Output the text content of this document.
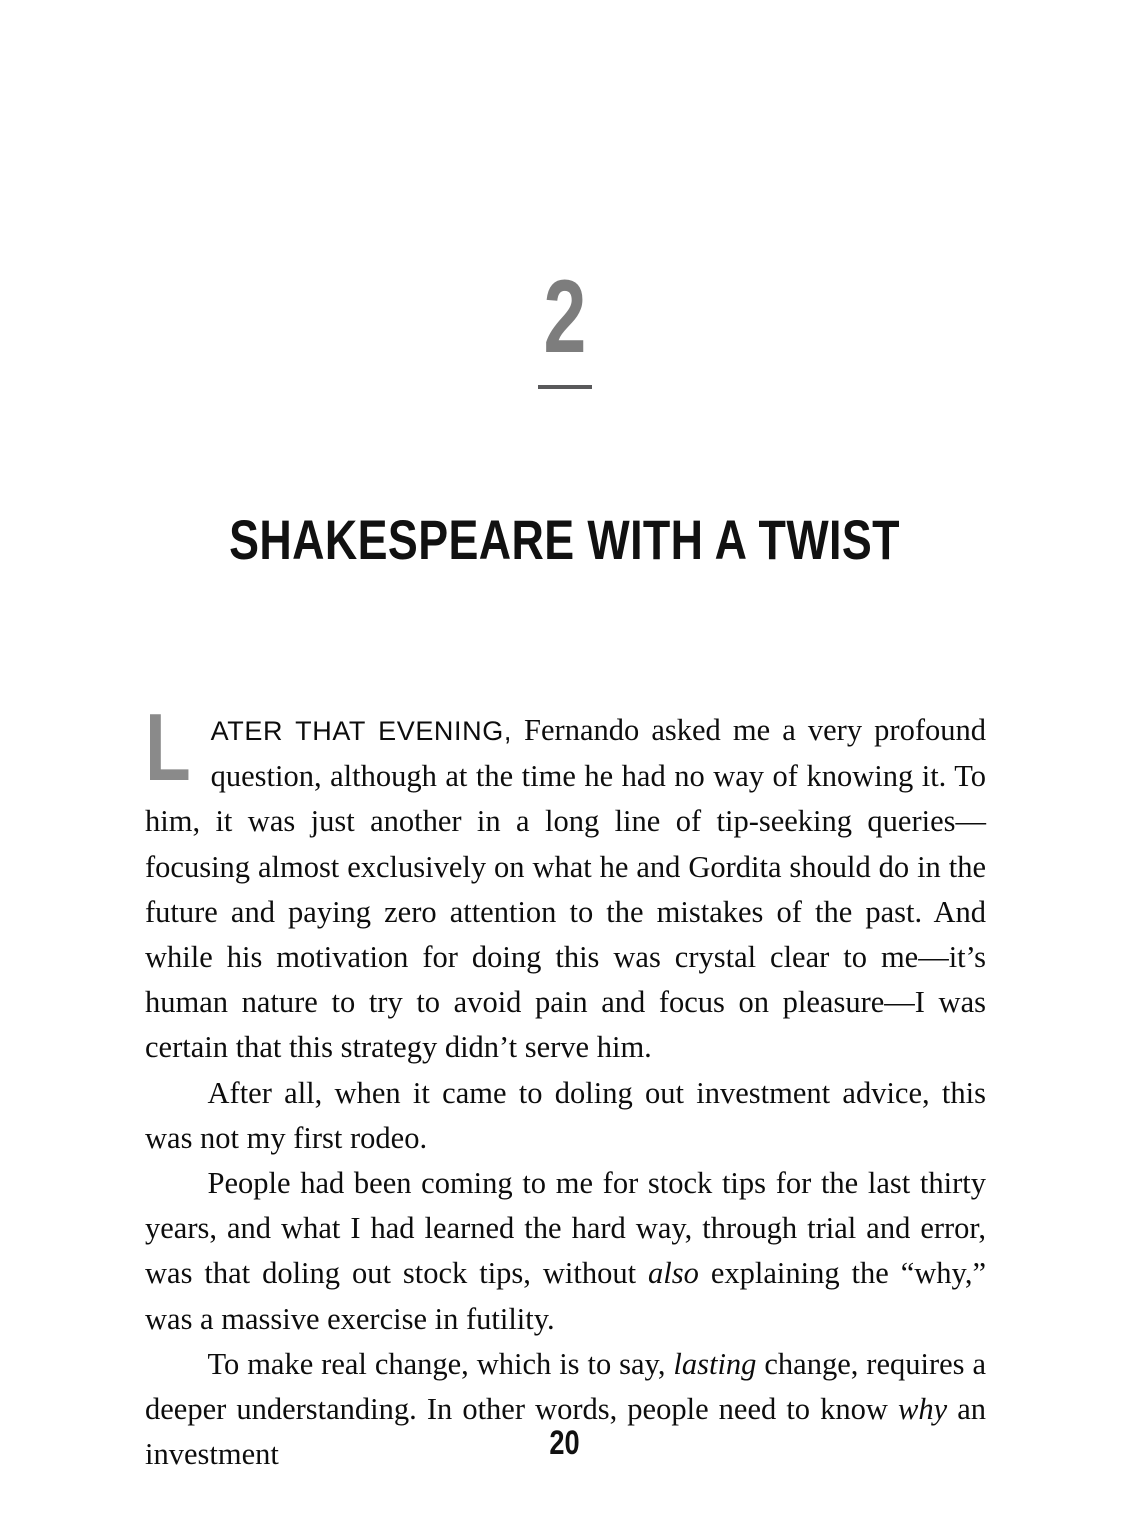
2
SHAKESPEARE WITH A TWIST

LATER THAT EVENING, Fernando asked me a very profound question, although at the time he had no way of knowing it. To him, it was just another in a long line of tip-seeking queries—focusing almost exclusively on what he and Gordita should do in the future and paying zero attention to the mistakes of the past. And while his motivation for doing this was crystal clear to me—it’s human nature to try to avoid pain and focus on pleasure—I was certain that this strategy didn’t serve him.

After all, when it came to doling out investment advice, this was not my first rodeo.

People had been coming to me for stock tips for the last thirty years, and what I had learned the hard way, through trial and error, was that doling out stock tips, without also explaining the “why,” was a massive exercise in futility.

To make real change, which is to say, lasting change, requires a deeper understanding. In other words, people need to know why an investment	20
